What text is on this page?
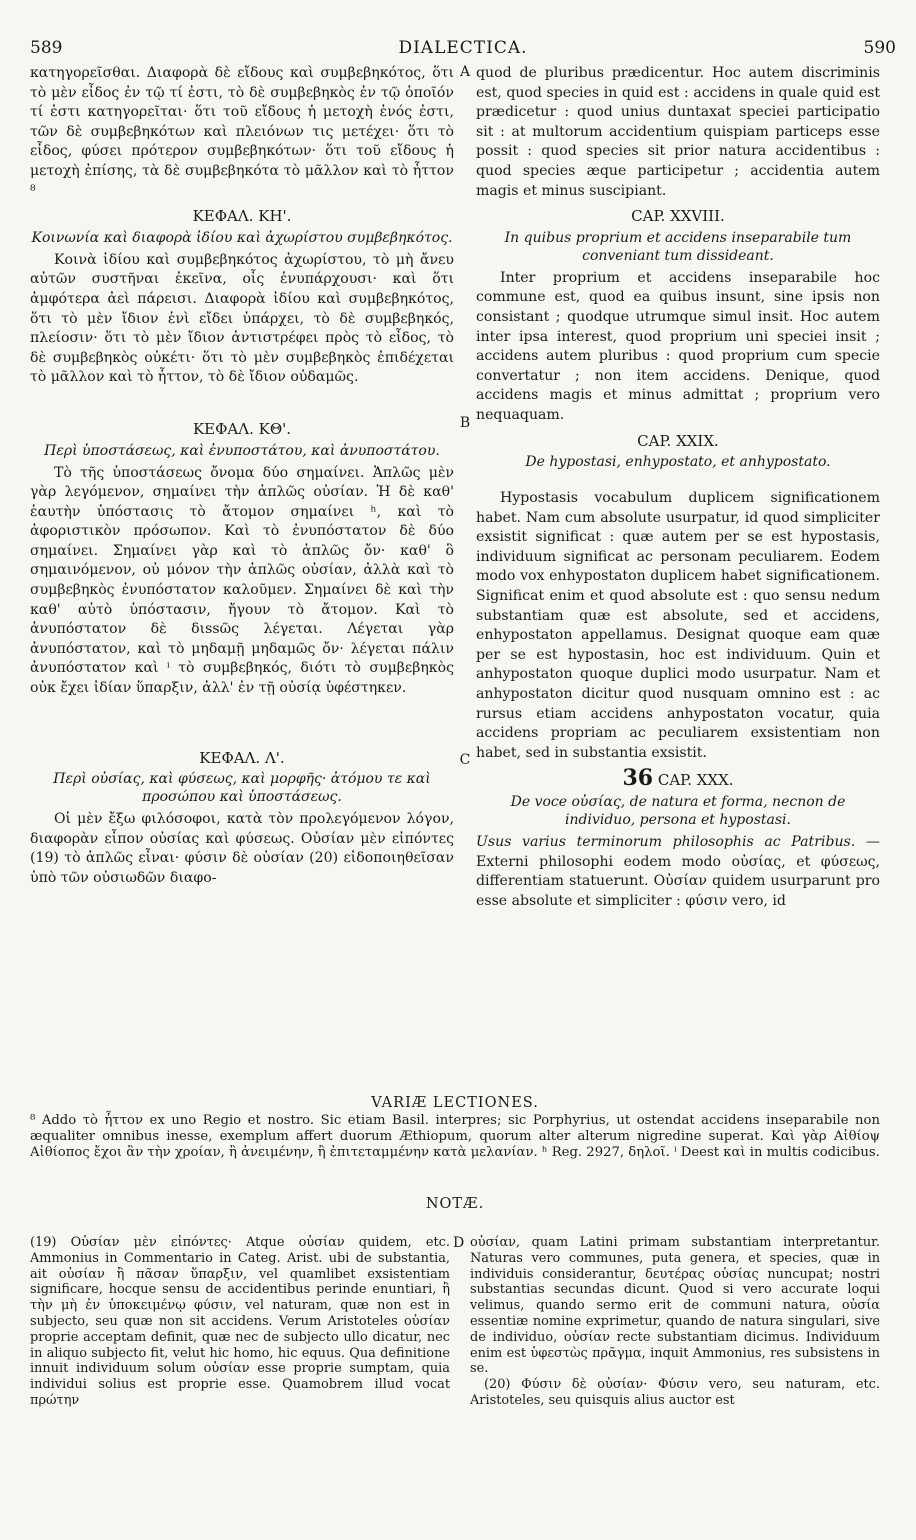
589	DIALECTICA.	590

κατηγορεῖσθαι. Διαφορὰ δὲ εἴδους καὶ συμβεβηκότος, ὅτι τὸ μὲν εἶδος ἐν τῷ τί ἐστι, τὸ δὲ συμβεβηκὸς ἐν τῷ ὁποῖόν τί ἐστι κατηγορεῖται· ὅτι τοῦ εἴδους ἡ μετοχὴ ἑνός ἐστι, τῶν δὲ συμβεβηκότων καὶ πλειόνων τις μετέχει· ὅτι τὸ εἶδος, φύσει πρότερον συμβεβηκότων· ὅτι τοῦ εἴδους ἡ μετοχὴ ἐπίσης, τὰ δὲ συμβεβηκότα τὸ μᾶλλον καὶ τὸ ἧττον ⁸

ΚΕΦΑΛ. ΚΗ'.
Κοινωνία καὶ διαφορὰ ἰδίου καὶ ἀχωρίστου συμβεβηκότος.

Κοινὰ ἰδίου καὶ συμβεβηκότος ἀχωρίστου, τὸ μὴ ἄνευ αὐτῶν συστῆναι ἐκεῖνα, οἷς ἐνυπάρχουσι· καὶ ὅτι ἀμφότερα ἀεὶ πάρεισι. Διαφορὰ ἰδίου καὶ συμβεβηκότος, ὅτι τὸ μὲν ἴδιον ἑνὶ εἴδει ὑπάρχει, τὸ δὲ συμβεβηκός, πλείοσιν· ὅτι τὸ μὲν ἴδιον ἀντιστρέφει πρὸς τὸ εἶδος, τὸ δὲ συμβεβηκὸς οὐκέτι· ὅτι τὸ μὲν συμβεβηκὸς ἐπιδέχεται τὸ μᾶλλον καὶ τὸ ἧττον, τὸ δὲ ἴδιον οὐδαμῶς.

ΚΕΦΑΛ. ΚΘ'.
Περὶ ὑποστάσεως, καὶ ἐνυποστάτου, καὶ ἀνυποστάτου.

Τὸ τῆς ὑποστάσεως ὄνομα δύο σημαίνει. Ἁπλῶς μὲν γὰρ λεγόμενον, σημαίνει τὴν ἁπλῶς οὐσίαν. Ἡ δὲ καθ' ἑαυτὴν ὑπόστασις τὸ ἄτομον σημαίνει ʰ, καὶ τὸ ἀφοριστικὸν πρόσωπον. Καὶ τὸ ἐνυπόστατον δὲ δύο σημαίνει. Σημαίνει γὰρ καὶ τὸ ἁπλῶς ὄν· καθ' ὃ σημαινόμενον, οὐ μόνον τὴν ἁπλῶς οὐσίαν, ἀλλὰ καὶ τὸ συμβεβηκὸς ἐνυπόστατον καλοῦμεν. Σημαίνει δὲ καὶ τὴν καθ' αὐτὸ ὑπόστασιν, ἤγουν τὸ ἄτομον. Καὶ τὸ ἀνυπόστατον δὲ διssῶς λέγεται. Λέγεται γὰρ ἀνυπόστατον, καὶ τὸ μηδαμῇ μηδαμῶς ὄν· λέγεται πάλιν ἀνυπόστατον καὶ ⁱ τὸ συμβεβηκός, διότι τὸ συμβεβηκὸς οὐκ ἔχει ἰδίαν ὕπαρξιν, ἀλλ' ἐν τῇ οὐσίᾳ ὑφέστηκεν.

ΚΕΦΑΛ. Λ'.
Περὶ οὐσίας, καὶ φύσεως, καὶ μορφῆς· ἀτόμου τε καὶ προσώπου καὶ ὑποστάσεως.

Οἱ μὲν ἔξω φιλόσοφοι, κατὰ τὸν προλεγόμενον λόγον, διαφορὰν εἶπον οὐσίας καὶ φύσεως. Οὐσίαν μὲν εἰπόντες (19) τὸ ἁπλῶς εἶναι· φύσιν δὲ οὐσίαν (20) εἰδοποιηθεῖσαν ὑπὸ τῶν οὐσιωδῶν διαφο-

A
B
C

quod de pluribus prædicentur. Hoc autem discriminis est, quod species in quid est : accidens in quale quid est prædicetur : quod unius duntaxat speciei participatio sit : at multorum accidentium quispiam particeps esse possit : quod species sit prior natura accidentibus : quod species æque participetur ; accidentia autem magis et minus suscipiant.

CAP. XXVIII.
In quibus proprium et accidens inseparabile tum conveniant tum dissideant.

Inter proprium et accidens inseparabile hoc commune est, quod ea quibus insunt, sine ipsis non consistant ; quodque utrumque simul insit. Hoc autem inter ipsa interest, quod proprium uni speciei insit ; accidens autem pluribus : quod proprium cum specie convertatur ; non item accidens. Denique, quod accidens magis et minus admittat ; proprium vero nequaquam.

CAP. XXIX.
De hypostasi, enhypostato, et anhypostato.

Hypostasis vocabulum duplicem significationem habet. Nam cum absolute usurpatur, id quod simpliciter exsistit significat : quæ autem per se est hypostasis, individuum significat ac personam peculiarem. Eodem modo vox enhypostaton duplicem habet significationem. Significat enim et quod absolute est : quo sensu nedum substantiam quæ est absolute, sed et accidens, enhypostaton appellamus. Designat quoque eam quæ per se est hypostasin, hoc est individuum. Quin et anhypostaton quoque duplici modo usurpatur. Nam et anhypostaton dicitur quod nusquam omnino est : ac rursus etiam accidens anhypostaton vocatur, quia accidens propriam ac peculiarem exsistentiam non habet, sed in substantia exsistit.

36 CAP. XXX.
De voce οὐσίας, de natura et forma, necnon de individuo, persona et hypostasi.

Usus varius terminorum philosophis ac Patribus. — Externi philosophi eodem modo οὐσίας, et φύσεως, differentiam statuerunt. Οὐσίαν quidem usurparunt pro esse absolute et simpliciter : φύσιν vero, id

VARIÆ LECTIONES.

⁸ Addo τὸ ἧττον ex uno Regio et nostro. Sic etiam Basil. interpres; sic Porphyrius, ut ostendat accidens inseparabile non æqualiter omnibus inesse, exemplum affert duorum Æthiopum, quorum alter alterum nigredine superat. Καὶ γὰρ Αἰθίοψ Αἰθίοπος ἔχοι ἂν τὴν χροίαν, ἢ ἀνειμένην, ἢ ἐπιτεταμμένην κατὰ μελανίαν. ʰ Reg. 2927, δηλοῖ. ⁱ Deest καὶ in multis codicibus.

NOTÆ.

(19) Οὐσίαν μὲν εἰπόντες· Atque οὐσίαν quidem, etc. Ammonius in Commentario in Categ. Arist. ubi de substantia, ait οὐσίαν ἢ πᾶσαν ὕπαρξιν, vel quamlibet exsistentiam significare, hocque sensu de accidentibus perinde enuntiari, ἢ τὴν μὴ ἐν ὑποκειμένῳ φύσιν, vel naturam, quæ non est in subjecto, seu quæ non sit accidens. Verum Aristoteles οὐσίαν proprie acceptam definit, quæ nec de subjecto ullo dicatur, nec in aliquo subjecto fit, velut hic homo, hic equus. Qua definitione innuit individuum solum οὐσίαν esse proprie sumptam, quia individui solius est proprie esse. Quamobrem illud vocat πρώτην

D οὐσίαν, quam Latini primam substantiam interpretantur. Naturas vero communes, puta genera, et species, quæ in individuis considerantur, δευτέρας οὐσίας nuncupat; nostri substantias secundas dicunt. Quod si vero accurate loqui velimus, quando sermo erit de communi natura, οὐσία essentiæ nomine exprimetur, quando de natura singulari, sive de individuo, οὐσίαν recte substantiam dicimus. Individuum enim est ὑφεστὼς πρᾶγμα, inquit Ammonius, res subsistens in se.

(20) Φύσιν δὲ οὐσίαν· Φύσιν vero, seu naturam, etc. Aristoteles, seu quisquis alius auctor est
